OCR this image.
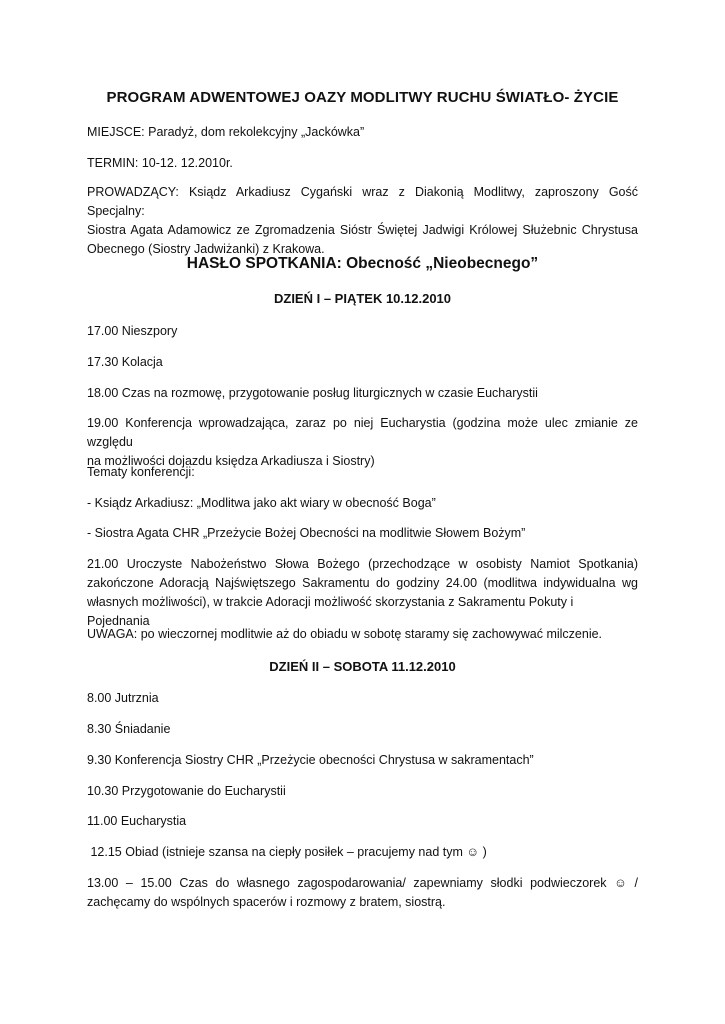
PROGRAM ADWENTOWEJ OAZY MODLITWY RUCHU ŚWIATŁO- ŻYCIE
MIEJSCE: Paradyż, dom rekolekcyjny „Jackówka”
TERMIN: 10-12. 12.2010r.
PROWADZĄCY: Ksiądz Arkadiusz Cygański wraz z Diakonią Modlitwy, zaproszony Gość Specjalny:
Siostra Agata Adamowicz ze Zgromadzenia Sióstr Świętej Jadwigi Królowej Służebnic Chrystusa
Obecnego (Siostry Jadwiżanki) z Krakowa.
HASŁO SPOTKANIA: Obecność „Nieobecnego”
DZIEŃ I – PIĄTEK 10.12.2010
17.00 Nieszpory
17.30 Kolacja
18.00 Czas na rozmowę, przygotowanie posług liturgicznych w czasie Eucharystii
19.00 Konferencja wprowadzająca, zaraz po niej Eucharystia (godzina może ulec zmianie ze względu
na możliwości dojazdu księdza Arkadiusza i Siostry)
Tematy konferencji:
- Ksiądz Arkadiusz: „Modlitwa jako akt wiary w obecność Boga”
- Siostra Agata CHR „Przeżycie Bożej Obecności na modlitwie Słowem Bożym”
21.00 Uroczyste Nabożeństwo Słowa Bożego (przechodzące w osobisty Namiot Spotkania)
zakończone Adoracją Najświętszego Sakramentu do godziny 24.00 (modlitwa indywidualna wg
własnych możliwości), w trakcie Adoracji możliwość skorzystania z Sakramentu Pokuty i Pojednania
UWAGA: po wieczornej modlitwie aż do obiadu w sobotę staramy się zachowywać milczenie.
DZIEŃ II – SOBOTA 11.12.2010
8.00 Jutrznia
8.30 Śniadanie
9.30 Konferencja Siostry CHR „Przeżycie obecności Chrystusa w sakramentach”
10.30 Przygotowanie do Eucharystii
11.00 Eucharystia
12.15 Obiad (istnieje szansa na ciepły posiłek – pracujemy nad tym ☺ )
13.00 – 15.00 Czas do własnego zagospodarowania/ zapewniamy słodki podwieczorek ☺ /
zachęcamy do wspólnych spacerów i rozmowy z bratem, siostrą.
